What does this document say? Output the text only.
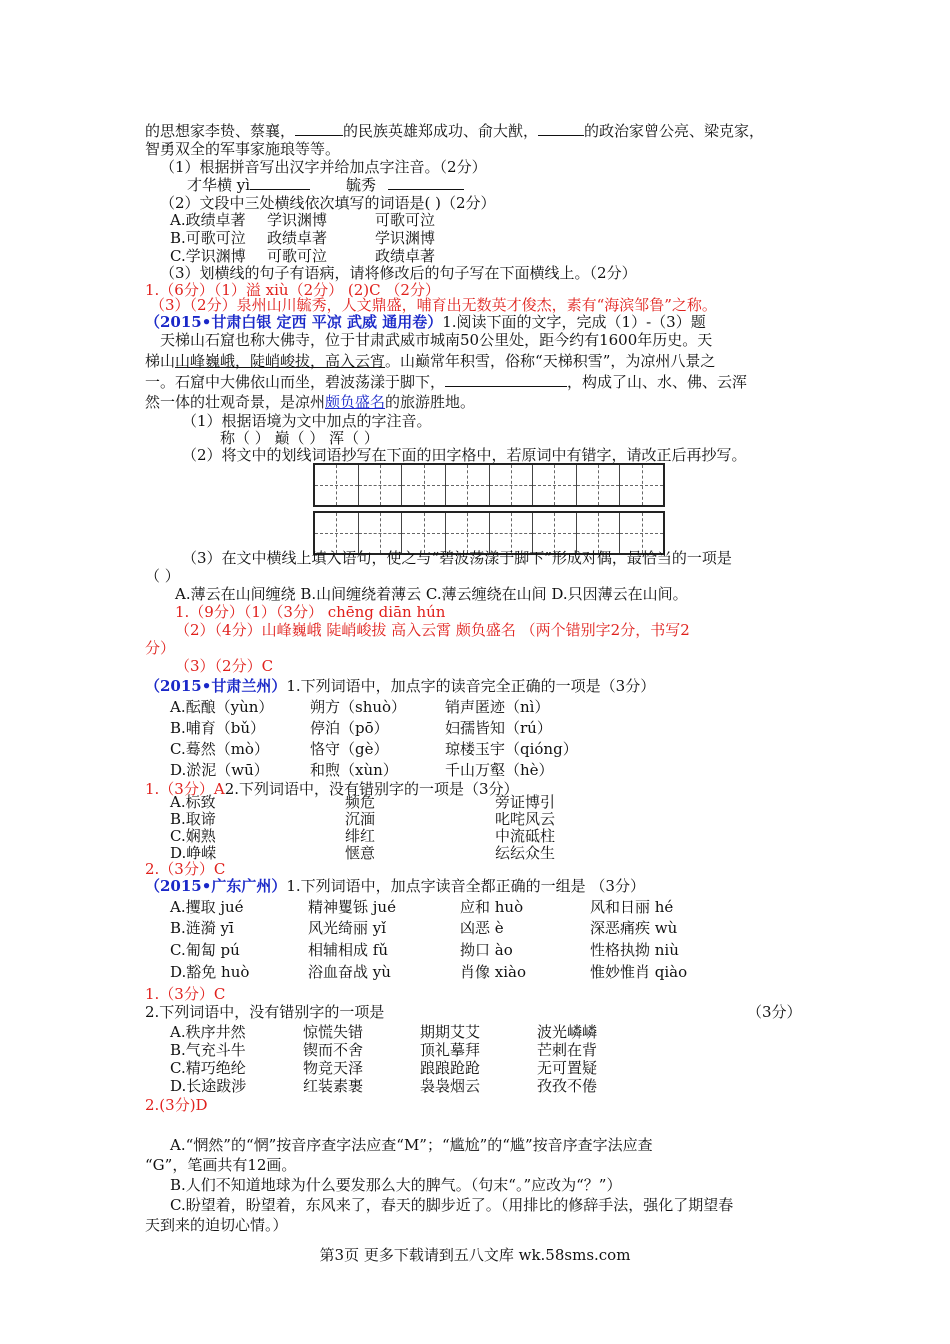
的思想家李贽、蔡襄，	的民族英雄郑成功、俞大猷，	的政治家曾公亮、梁克家，
智勇双全的军事家施琅等等。
（1）根据拼音写出汉字并给加点字注音。（2分）
才华横 yì	毓秀
（2）文段中三处横线依次填写的词语是( )（2分）
A.政绩卓著 学识渊博	可歌可泣
B.可歌可泣 政绩卓著	学识渊博
C.学识渊博 可歌可泣	政绩卓著
（3）划横线的句子有语病，请将修改后的句子写在下面横线上。（2分）
1.（6分）（1）溢 xiù（2分） (2)C （2分）
（3）（2分）泉州山川毓秀，人文鼎盛，哺育出无数英才俊杰，素有“海滨邹鲁”之称。
（2015•甘肃白银 定西 平凉 武威 通用卷）1.阅读下面的文字，完成（1）-（3）题
天梯山石窟也称大佛寺，位于甘肃武威市城南50公里处，距今约有1600年历史。天
梯山山峰巍峨，陡峭峻拔，高入云宵。山巅常年积雪，俗称“天梯积雪”，为凉州八景之
一。石窟中大佛依山而坐，碧波荡漾于脚下，	，构成了山、水、佛、云浑
然一体的壮观奇景，是凉州颇负盛名的旅游胜地。
（1）根据语境为文中加点的字注音。
称（ ） 巅（ ） 浑（ ）
（2）将文中的划线词语抄写在下面的田字格中，若原词中有错字，请改正后再抄写。
（3）在文中横线上填入语句，使之与“碧波荡漾于脚下”形成对偶，最恰当的一项是
（ ）
A.薄云在山间缠绕 B.山间缠绕着薄云 C.薄云缠绕在山间 D.只因薄云在山间。
1.（9分）（1）（3分） chēng diān hún
（2）（4分）山峰巍峨 陡峭峻拔 高入云霄 颇负盛名 （两个错别字2分，书写2
分）
（3）（2分）C
（2015•甘肃兰州）1.下列词语中，加点字的读音完全正确的一项是（3分）
A.酝酿（yùn） 朔方（shuò）	销声匿迹（nì）
B.哺育（bǔ）	停泊（pō）	妇孺皆知（rú）
C.蓦然（mò）	恪守（gè）	琼楼玉宇（qióng）
D.淤泥（wū）	和煦（xùn）	千山万壑（hè）
1.（3分）A2.下列词语中，没有错别字的一项是（3分）
A.标致	频危	旁证博引
B.取谛	沉湎	叱咤风云
C.娴熟	绯红	中流砥柱
D.峥嵘	惬意	纭纭众生
2.（3分）C
（2015•广东广州）1.下列词语中，加点字读音全都正确的一组是 （3分）
A.攫取 jué	精神矍铄 jué	应和 huò	风和日丽 hé
B.涟漪 yī	风光绮丽 yǐ	凶恶 è	深恶痛疾 wù
C.匍匐 pú	相辅相成 fǔ	拗口 ào	性格执拗 niù
D.豁免 huò	浴血奋战 yù	肖像 xiào	惟妙惟肖 qiào
1.（3分）C
2.下列词语中，没有错别字的一项是	（3分）
A.秩序井然	惊慌失错	期期艾艾	波光嶙嶙
B.气充斗牛	锲而不舍	顶礼摹拜	芒刺在背
C.精巧绝纶	物竞天泽	踉踉跄跄	无可置疑
D.长途跋涉	红装素裹	袅袅烟云	孜孜不倦
2.(3分)D
第3页 更多下载请到五八文库 wk.58sms.com
A.“惘然”的“惘”按音序查字法应查“M”；“尴尬”的“尴”按音序查字法应查
“G”，笔画共有12画。
B.人们不知道地球为什么要发那么大的脾气。（句末“。”应改为“？”）
C.盼望着，盼望着，东风来了，春天的脚步近了。（用排比的修辞手法，强化了期望春
天到来的迫切心情。）
